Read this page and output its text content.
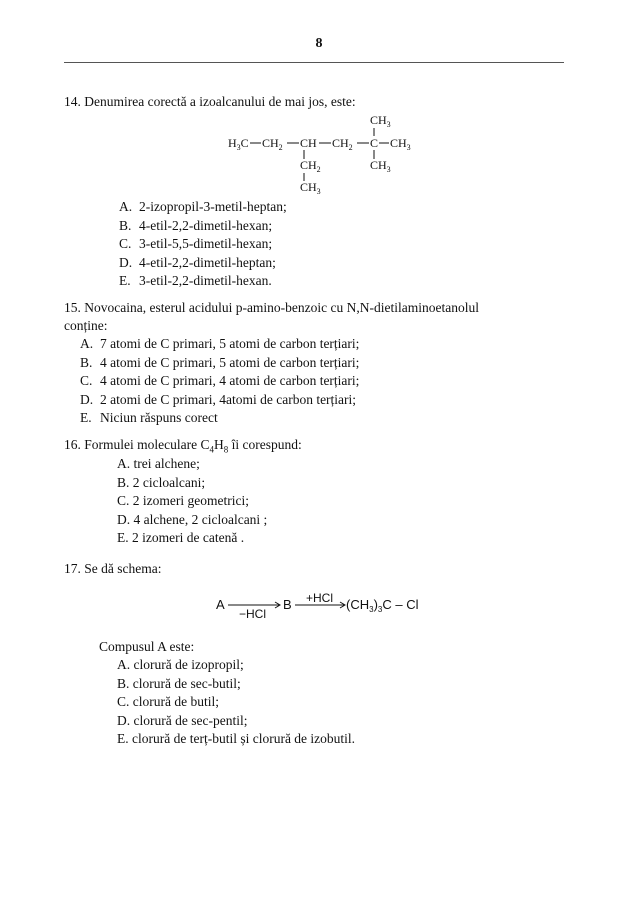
8
14. Denumirea corectă a izoalcanului de mai jos, este:
$CH_3$
$H_3C$ $CH_2$ CH $CH_2$ C $CH_3$
$CH_2$	$CH_3$
$CH_3$
A. 2-izopropil-3-metil-heptan;
B. 4-etil-2,2-dimetil-hexan;
C. 3-etil-5,5-dimetil-hexan;
D. 4-etil-2,2-dimetil-heptan;
E. 3-etil-2,2-dimetil-hexan.
15. Novocaina, esterul acidului p-amino-benzoic cu N,N-dietilaminoetanolul
conține:
A. 7 atomi de C primari, 5 atomi de carbon terțiari;
B. 4 atomi de C primari, 5 atomi de carbon terțiari;
C. 4 atomi de C primari, 4 atomi de carbon terțiari;
D. 2 atomi de C primari, 4atomi de carbon terțiari;
E. Niciun răspuns corect
16. Formulei moleculare $C_4H_8$ îi corespund:
A. trei alchene;
B. 2 cicloalcani;
C. 2 izomeri geometrici;
D. 4 alchene, 2 cicloalcani ;
E. 2 izomeri de catenă .
17. Se dă schema:
A
−HCl
B +HCl $(CH_3)_3C$ – Cl
Compusul A este:
A. clorură de izopropil;
B. clorură de sec-butil;
C. clorură de butil;
D. clorură de sec-pentil;
E. clorură de terț-butil și clorură de izobutil.
